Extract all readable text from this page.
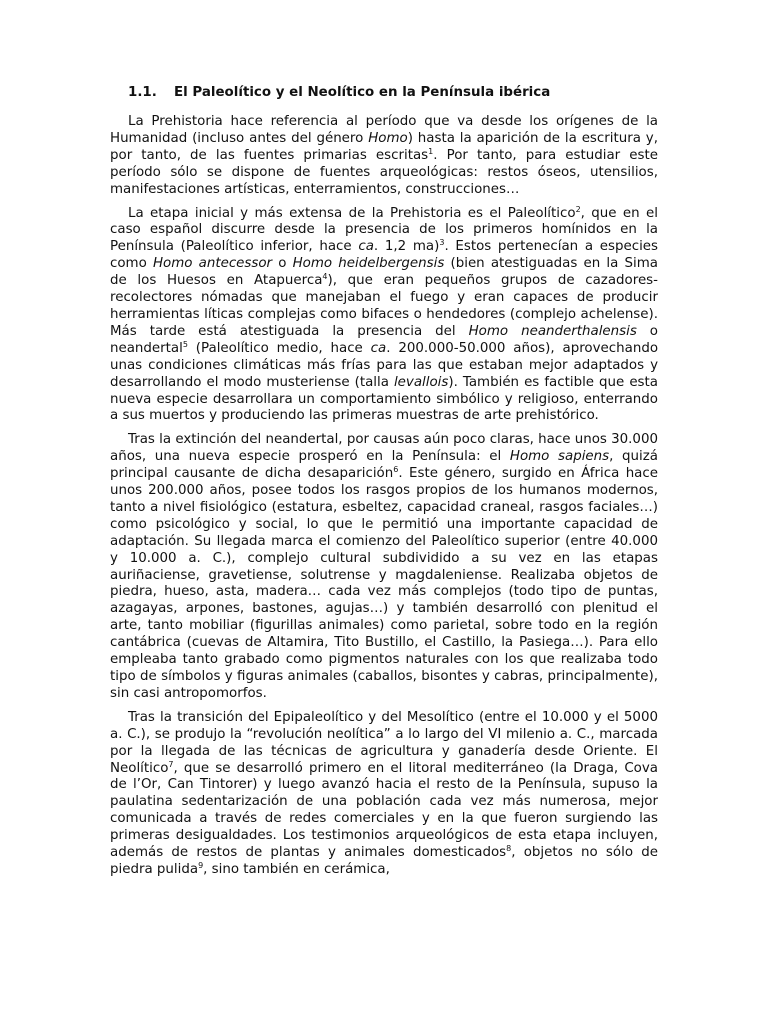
1.1. El Paleolítico y el Neolítico en la Península ibérica

La Prehistoria hace referencia al período que va desde los orígenes de la Humanidad (incluso antes del género Homo) hasta la aparición de la escritura y, por tanto, de las fuentes primarias escritas$^1$. Por tanto, para estudiar este período sólo se dispone de fuentes arqueológicas: restos óseos, utensilios, manifestaciones artísticas, enterramientos, construcciones…

La etapa inicial y más extensa de la Prehistoria es el Paleolítico$^2$, que en el caso español discurre desde la presencia de los primeros homínidos en la Península (Paleolítico inferior, hace ca. 1,2 ma)$^3$. Estos pertenecían a especies como Homo antecessor o Homo heidelbergensis (bien atestiguadas en la Sima de los Huesos en Atapuerca$^4$), que eran pequeños grupos de cazadores-recolectores nómadas que manejaban el fuego y eran capaces de producir herramientas líticas complejas como bifaces o hendedores (complejo achelense). Más tarde está atestiguada la presencia del Homo neanderthalensis o neandertal$^5$ (Paleolítico medio, hace ca. 200.000-50.000 años), aprovechando unas condiciones climáticas más frías para las que estaban mejor adaptados y desarrollando el modo musteriense (talla levallois). También es factible que esta nueva especie desarrollara un comportamiento simbólico y religioso, enterrando a sus muertos y produciendo las primeras muestras de arte prehistórico.

Tras la extinción del neandertal, por causas aún poco claras, hace unos 30.000 años, una nueva especie prosperó en la Península: el Homo sapiens, quizá principal causante de dicha desaparición$^6$. Este género, surgido en África hace unos 200.000 años, posee todos los rasgos propios de los humanos modernos, tanto a nivel fisiológico (estatura, esbeltez, capacidad craneal, rasgos faciales…) como psicológico y social, lo que le permitió una importante capacidad de adaptación. Su llegada marca el comienzo del Paleolítico superior (entre 40.000 y 10.000 a. C.), complejo cultural subdividido a su vez en las etapas auriñaciense, gravetiense, solutrense y magdaleniense. Realizaba objetos de piedra, hueso, asta, madera… cada vez más complejos (todo tipo de puntas, azagayas, arpones, bastones, agujas…) y también desarrolló con plenitud el arte, tanto mobiliar (figurillas animales) como parietal, sobre todo en la región cantábrica (cuevas de Altamira, Tito Bustillo, el Castillo, la Pasiega…). Para ello empleaba tanto grabado como pigmentos naturales con los que realizaba todo tipo de símbolos y figuras animales (caballos, bisontes y cabras, principalmente), sin casi antropomorfos.

Tras la transición del Epipaleolítico y del Mesolítico (entre el 10.000 y el 5000 a. C.), se produjo la “revolución neolítica” a lo largo del VI milenio a. C., marcada por la llegada de las técnicas de agricultura y ganadería desde Oriente. El Neolítico$^7$, que se desarrolló primero en el litoral mediterráneo (la Draga, Cova de l’Or, Can Tintorer) y luego avanzó hacia el resto de la Península, supuso la paulatina sedentarización de una población cada vez más numerosa, mejor comunicada a través de redes comerciales y en la que fueron surgiendo las primeras desigualdades. Los testimonios arqueológicos de esta etapa incluyen, además de restos de plantas y animales domesticados$^8$, objetos no sólo de piedra pulida$^9$, sino también en cerámica,
